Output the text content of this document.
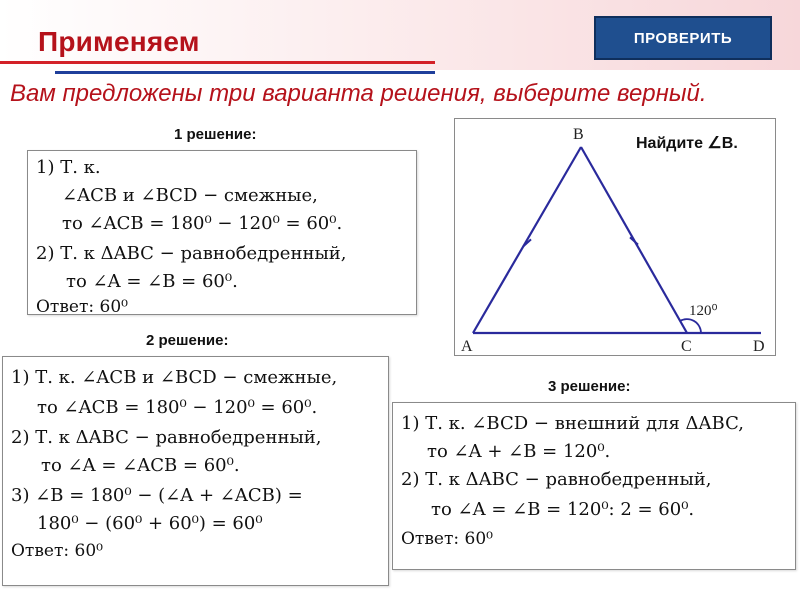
Применяем	ПРОВЕРИТЬ
Вам предложены три варианта решения, выберите верный.
1 решение:
1) Т. к.
∠ACB и ∠BCD − смежные,
то ∠ACB = 180⁰ − 120⁰ = 60⁰.
2) Т. к ΔABC − равнобедренный,
то ∠A = ∠B = 60⁰.
Ответ: 60⁰
B
A	C	D
120⁰
Найдите ∠B.
2 решение:
1) Т. к. ∠ACB и ∠BCD − смежные,
то ∠ACB = 180⁰ − 120⁰ = 60⁰.
2) Т. к ΔABC − равнобедренный,
то ∠A = ∠ACB = 60⁰.
3) ∠B = 180⁰ − (∠A + ∠ACB) =
180⁰ − (60⁰ + 60⁰) = 60⁰
Ответ: 60⁰
3 решение:
1) Т. к. ∠BCD − внешний для ΔABC,
то ∠A + ∠B = 120⁰.
2) Т. к ΔABC − равнобедренный,
то ∠A = ∠B = 120⁰: 2 = 60⁰.
Ответ: 60⁰
